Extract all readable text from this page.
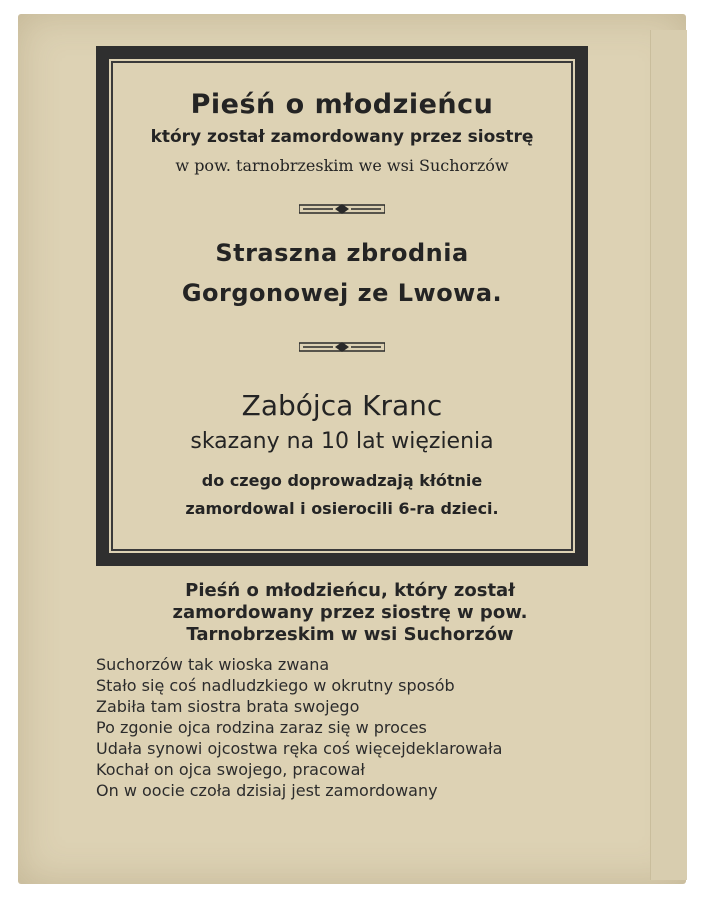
Pieśń o młodzieńcu
który został zamordowany przez siostrę
w pow. tarnobrzeskim we wsi Suchorzów
Straszna zbrodnia
Gorgonowej ze Lwowa.
Zabójca Kranc
skazany na 10 lat więzienia
do czego doprowadzają kłótnie
zamordowal i osierocili 6-ra dzieci.
Pieśń o młodzieńcu, który został
zamordowany przez siostrę w pow.
Tarnobrzeskim w wsi Suchorzów
Suchorzów tak wioska zwana
Stało się coś nadludzkiego w okrutny sposób
Zabiła tam siostra brata swojego
Po zgonie ojca rodzina zaraz się w proces
Udała synowi ojcostwa ręka coś więcejdeklarowała
Kochał on ojca swojego, pracował
On w oocie czoła dzisiaj jest zamordowany
